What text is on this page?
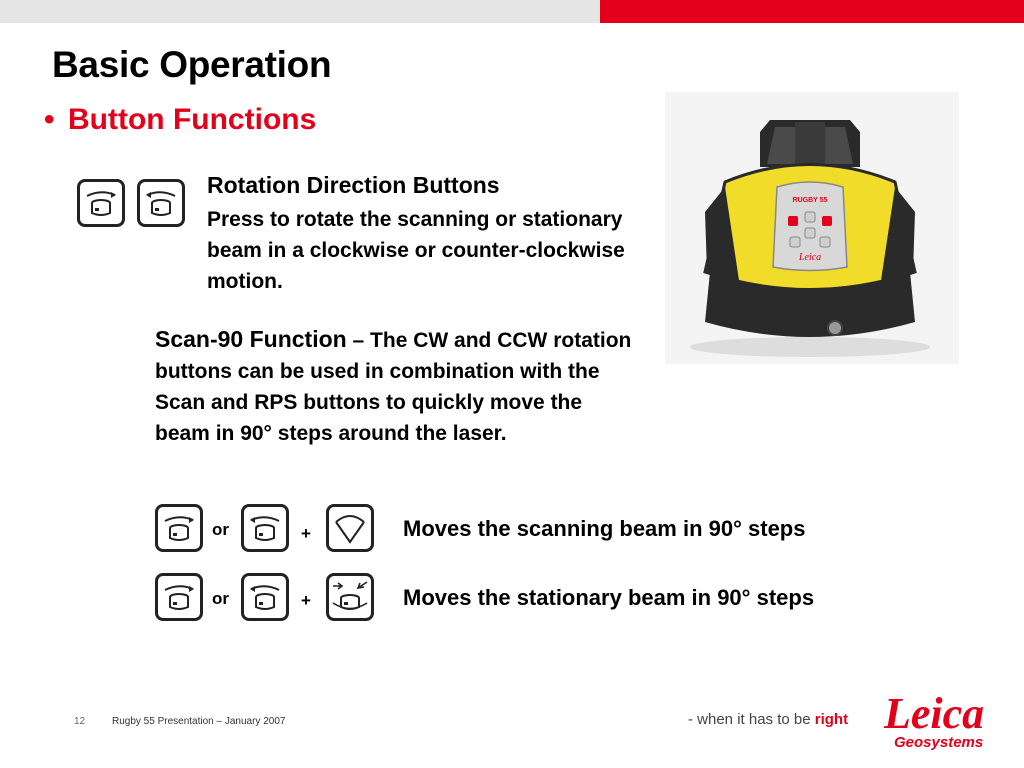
Basic Operation
• Button Functions
Rotation Direction Buttons
Press to rotate the scanning or stationary beam in a clockwise or counter-clockwise motion.
Scan-90 Function – The CW and CCW rotation buttons can be used in combination with the Scan and RPS buttons to quickly move the beam in 90° steps around the laser.
or	+	Moves the scanning beam in 90° steps
or	+	Moves the stationary beam in 90° steps
RUGBY 55
Leica
12	Rugby 55 Presentation – January 2007	- when it has to be right Leica
Geosystems
